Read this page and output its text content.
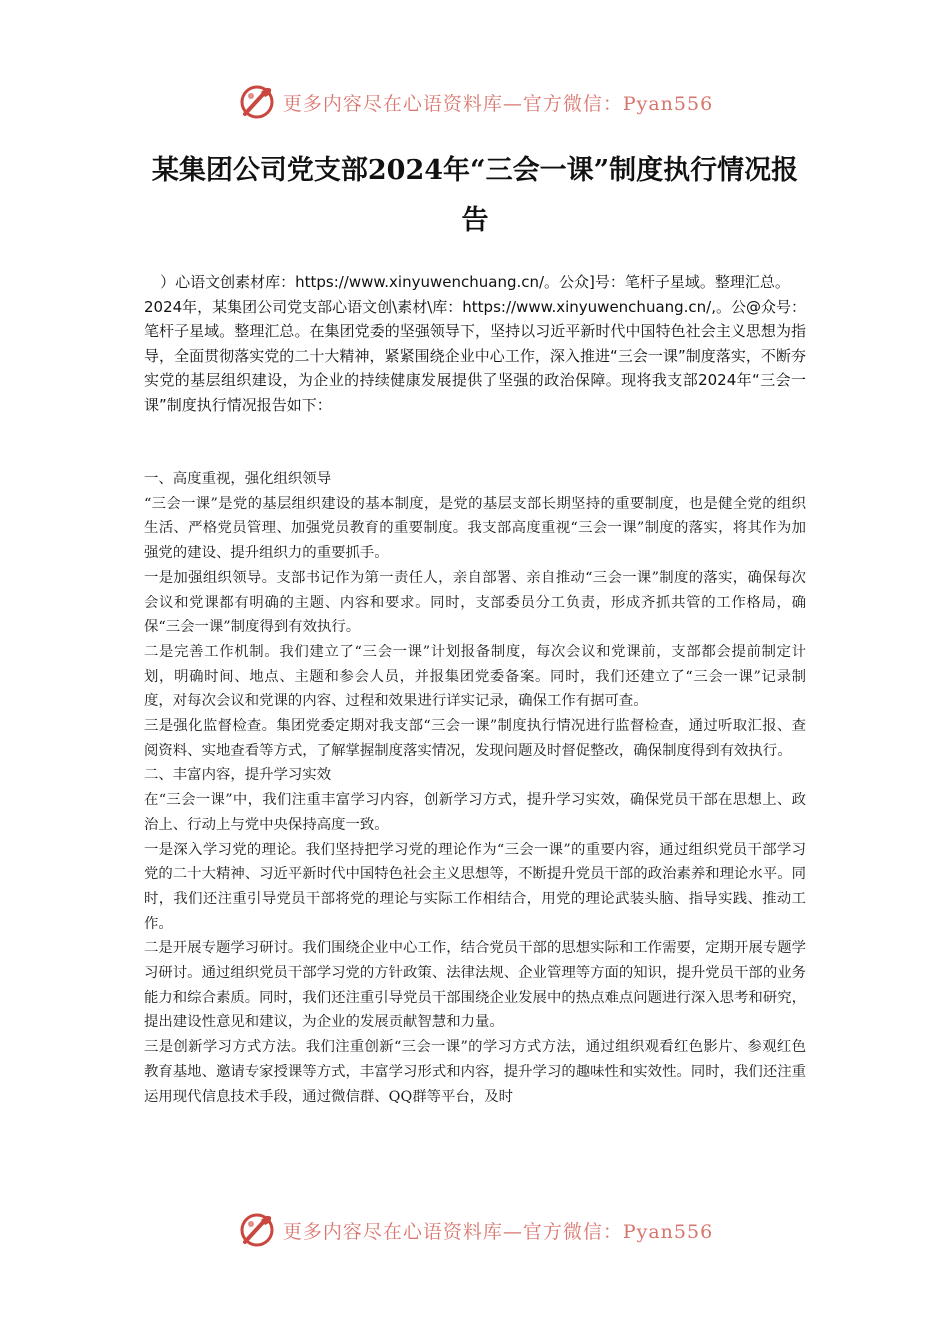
更多内容尽在心语资料库—官方微信：Pyan556
某集团公司党支部2024年“三会一课”制度执行情况报告

）心语文创素材库：https://www.xinyuwenchuang.cn/。公众]号：笔杆子星域。整理汇总。

2024年，某集团公司党支部心语文创\素材\库：https://www.xinyuwenchuang.cn/,。公@众号：笔杆子星域。整理汇总。在集团党委的坚强领导下，坚持以习近平新时代中国特色社会主义思想为指导，全面贯彻落实党的二十大精神，紧紧围绕企业中心工作，深入推进“三会一课”制度落实，不断夯实党的基层组织建设，为企业的持续健康发展提供了坚强的政治保障。现将我支部2024年“三会一课”制度执行情况报告如下：

一、高度重视，强化组织领导

“三会一课”是党的基层组织建设的基本制度，是党的基层支部长期坚持的重要制度，也是健全党的组织生活、严格党员管理、加强党员教育的重要制度。我支部高度重视“三会一课”制度的落实，将其作为加强党的建设、提升组织力的重要抓手。

一是加强组织领导。支部书记作为第一责任人，亲自部署、亲自推动“三会一课”制度的落实，确保每次会议和党课都有明确的主题、内容和要求。同时，支部委员分工负责，形成齐抓共管的工作格局，确保“三会一课”制度得到有效执行。

二是完善工作机制。我们建立了“三会一课”计划报备制度，每次会议和党课前，支部都会提前制定计划，明确时间、地点、主题和参会人员，并报集团党委备案。同时，我们还建立了“三会一课”记录制度，对每次会议和党课的内容、过程和效果进行详实记录，确保工作有据可查。

三是强化监督检查。集团党委定期对我支部“三会一课”制度执行情况进行监督检查，通过听取汇报、查阅资料、实地查看等方式，了解掌握制度落实情况，发现问题及时督促整改，确保制度得到有效执行。

二、丰富内容，提升学习实效

在“三会一课”中，我们注重丰富学习内容，创新学习方式，提升学习实效，确保党员干部在思想上、政治上、行动上与党中央保持高度一致。

一是深入学习党的理论。我们坚持把学习党的理论作为“三会一课”的重要内容，通过组织党员干部学习党的二十大精神、习近平新时代中国特色社会主义思想等，不断提升党员干部的政治素养和理论水平。同时，我们还注重引导党员干部将党的理论与实际工作相结合，用党的理论武装头脑、指导实践、推动工作。

二是开展专题学习研讨。我们围绕企业中心工作，结合党员干部的思想实际和工作需要，定期开展专题学习研讨。通过组织党员干部学习党的方针政策、法律法规、企业管理等方面的知识，提升党员干部的业务能力和综合素质。同时，我们还注重引导党员干部围绕企业发展中的热点难点问题进行深入思考和研究，提出建设性意见和建议，为企业的发展贡献智慧和力量。

三是创新学习方式方法。我们注重创新“三会一课”的学习方式方法，通过组织观看红色影片、参观红色教育基地、邀请专家授课等方式，丰富学习形式和内容，提升学习的趣味性和实效性。同时，我们还注重运用现代信息技术手段，通过微信群、QQ群等平台，及时

更多内容尽在心语资料库—官方微信：Pyan556
